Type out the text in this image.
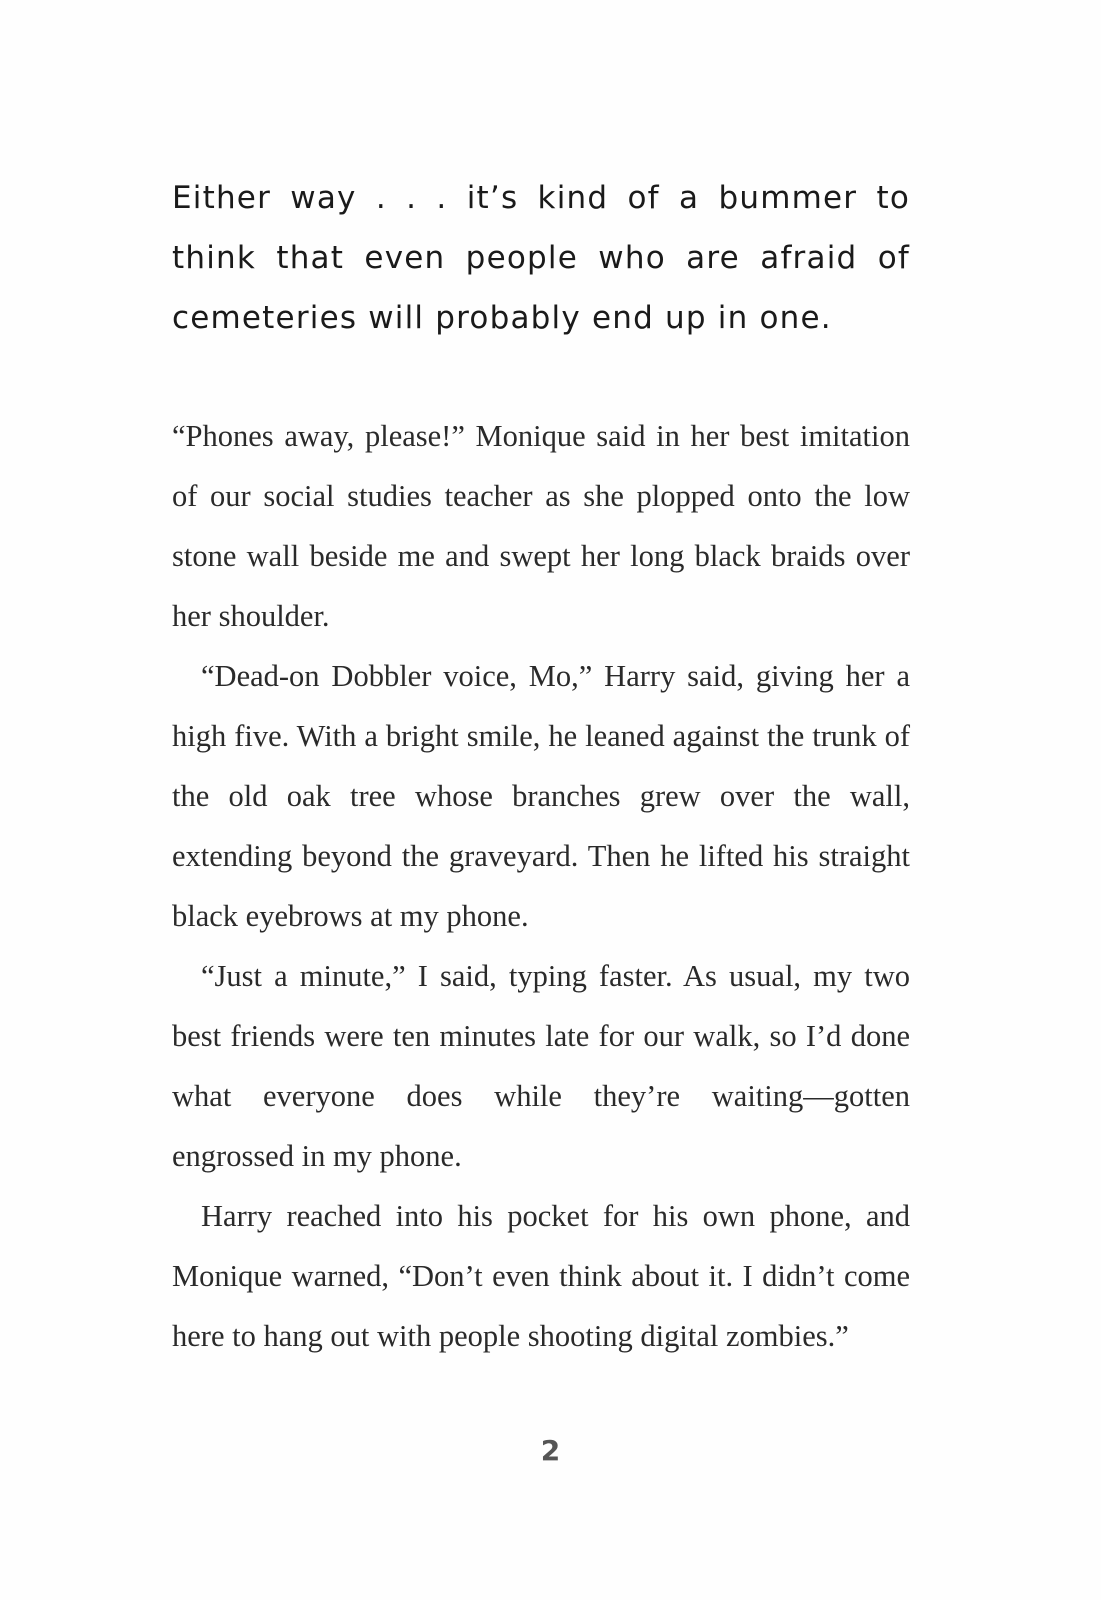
Either way . . . it’s kind of a bummer to think that even people who are afraid of cemeteries will probably end up in one.

“Phones away, please!” Monique said in her best imitation of our social studies teacher as she plopped onto the low stone wall beside me and swept her long black braids over her shoulder.

“Dead-on Dobbler voice, Mo,” Harry said, giving her a high five. With a bright smile, he leaned against the trunk of the old oak tree whose branches grew over the wall, extending beyond the graveyard. Then he lifted his straight black eyebrows at my phone.

“Just a minute,” I said, typing faster. As usual, my two best friends were ten minutes late for our walk, so I’d done what everyone does while they’re waiting—gotten engrossed in my phone.

Harry reached into his pocket for his own phone, and Monique warned, “Don’t even think about it. I didn’t come here to hang out with people shooting digital zombies.”

2
